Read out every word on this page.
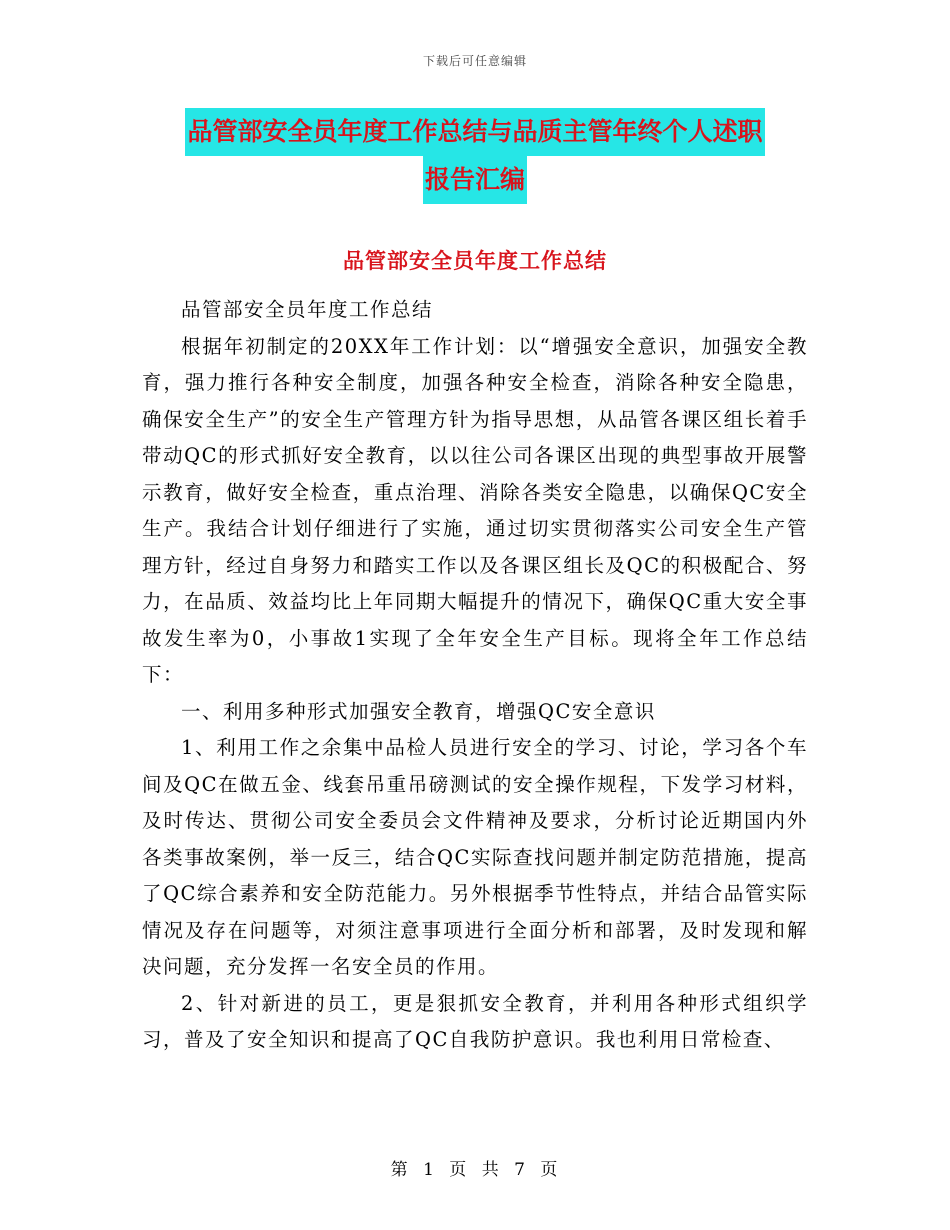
下载后可任意编辑
品管部安全员年度工作总结与品质主管年终个人述职
报告汇编
品管部安全员年度工作总结

品管部安全员年度工作总结

根据年初制定的20XX年工作计划：以“增强安全意识，加强安全教育，强力推行各种安全制度，加强各种安全检查，消除各种安全隐患，确保安全生产”的安全生产管理方针为指导思想，从品管各课区组长着手带动QC的形式抓好安全教育，以以往公司各课区出现的典型事故开展警示教育，做好安全检查，重点治理、消除各类安全隐患，以确保QC安全生产。我结合计划仔细进行了实施，通过切实贯彻落实公司安全生产管理方针，经过自身努力和踏实工作以及各课区组长及QC的积极配合、努力，在品质、效益均比上年同期大幅提升的情况下，确保QC重大安全事故发生率为0，小事故1实现了全年安全生产目标。现将全年工作总结下：

一、利用多种形式加强安全教育，增强QC安全意识

1、利用工作之余集中品检人员进行安全的学习、讨论，学习各个车间及QC在做五金、线套吊重吊磅测试的安全操作规程，下发学习材料，及时传达、贯彻公司安全委员会文件精神及要求，分析讨论近期国内外各类事故案例，举一反三，结合QC实际查找问题并制定防范措施，提高了QC综合素养和安全防范能力。另外根据季节性特点，并结合品管实际情况及存在问题等，对须注意事项进行全面分析和部署，及时发现和解决问题，充分发挥一名安全员的作用。

2、针对新进的员工，更是狠抓安全教育，并利用各种形式组织学习，普及了安全知识和提高了QC自我防护意识。我也利用日常检查、

第 1 页 共 7 页
